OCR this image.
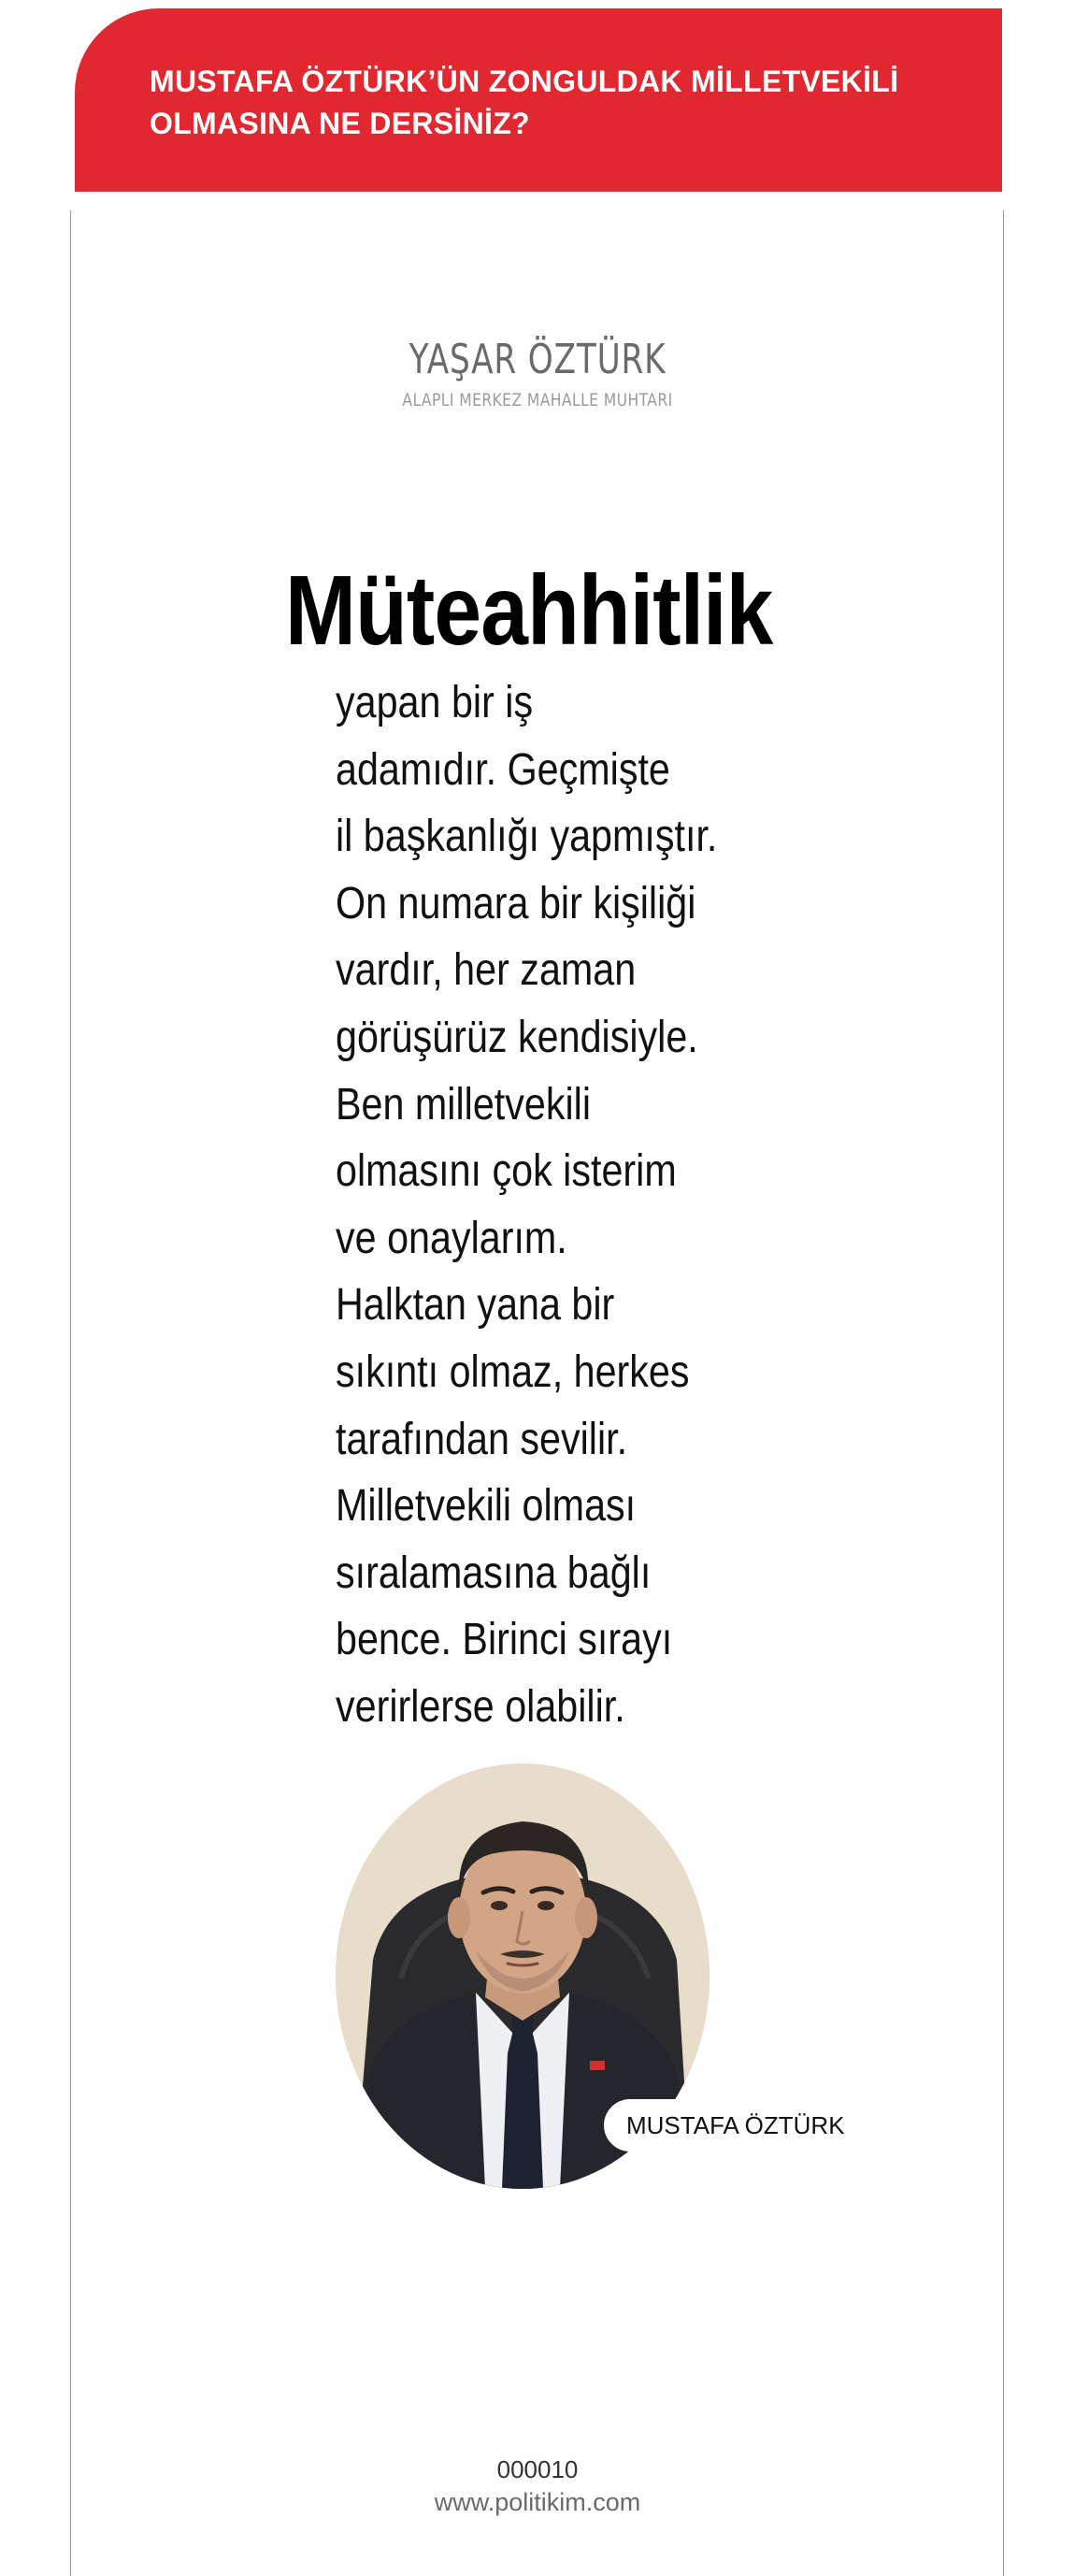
MUSTAFA ÖZTÜRK’ÜN ZONGULDAK MİLLETVEKİLİ
OLMASINA NE DERSİNİZ?
YAŞAR ÖZTÜRK
ALAPLI MERKEZ MAHALLE MUHTARI
Müteahhitlik

yapan bir iş
adamıdır. Geçmişte
il başkanlığı yapmıştır.
On numara bir kişiliği
vardır, her zaman
görüşürüz kendisiyle.
Ben milletvekili
olmasını çok isterim
ve onaylarım.
Halktan yana bir
sıkıntı olmaz, herkes
tarafından sevilir.
Milletvekili olması
sıralamasına bağlı
bence. Birinci sırayı
verirlerse olabilir.

MUSTAFA ÖZTÜRK
000010
www.politikim.com
